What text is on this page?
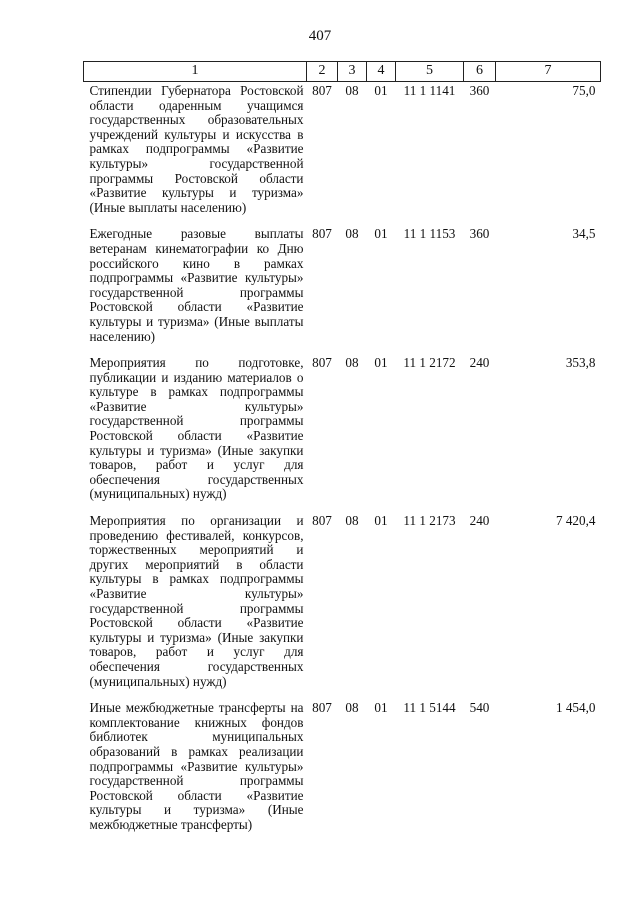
407
1	2	3	4	5	6	7
Стипендии Губернатора Ростовской области одаренным учащимся государственных образовательных учреждений культуры и искусства в рамках подпрограммы «Развитие культуры» государственной программы Ростовской области «Развитие культуры и туризма» (Иные выплаты населению)	807	08	01	11 1 1141	360	75,0
Ежегодные разовые выплаты ветеранам кинематографии ко Дню российского кино в рамках подпрограммы «Развитие культуры» государственной программы Ростовской области «Развитие культуры и туризма» (Иные выплаты населению)	807	08	01	11 1 1153	360	34,5
Мероприятия по подготовке, публикации и изданию материалов о культуре в рамках подпрограммы «Развитие культуры» государственной программы Ростовской области «Развитие культуры и туризма» (Иные закупки товаров, работ и услуг для обеспечения государственных (муниципальных) нужд)	807	08	01	11 1 2172	240	353,8
Мероприятия по организации и проведению фестивалей, конкурсов, торжественных мероприятий и других мероприятий в области культуры в рамках подпрограммы «Развитие культуры» государственной программы Ростовской области «Развитие культуры и туризма» (Иные закупки товаров, работ и услуг для обеспечения государственных (муниципальных) нужд)	807	08	01	11 1 2173	240	7 420,4
Иные межбюджетные трансферты на комплектование книжных фондов библиотек муниципальных образований в рамках реализации подпрограммы «Развитие культуры» государственной программы Ростовской области «Развитие культуры и туризма» (Иные межбюджетные трансферты)	807	08	01	11 1 5144	540	1 454,0
